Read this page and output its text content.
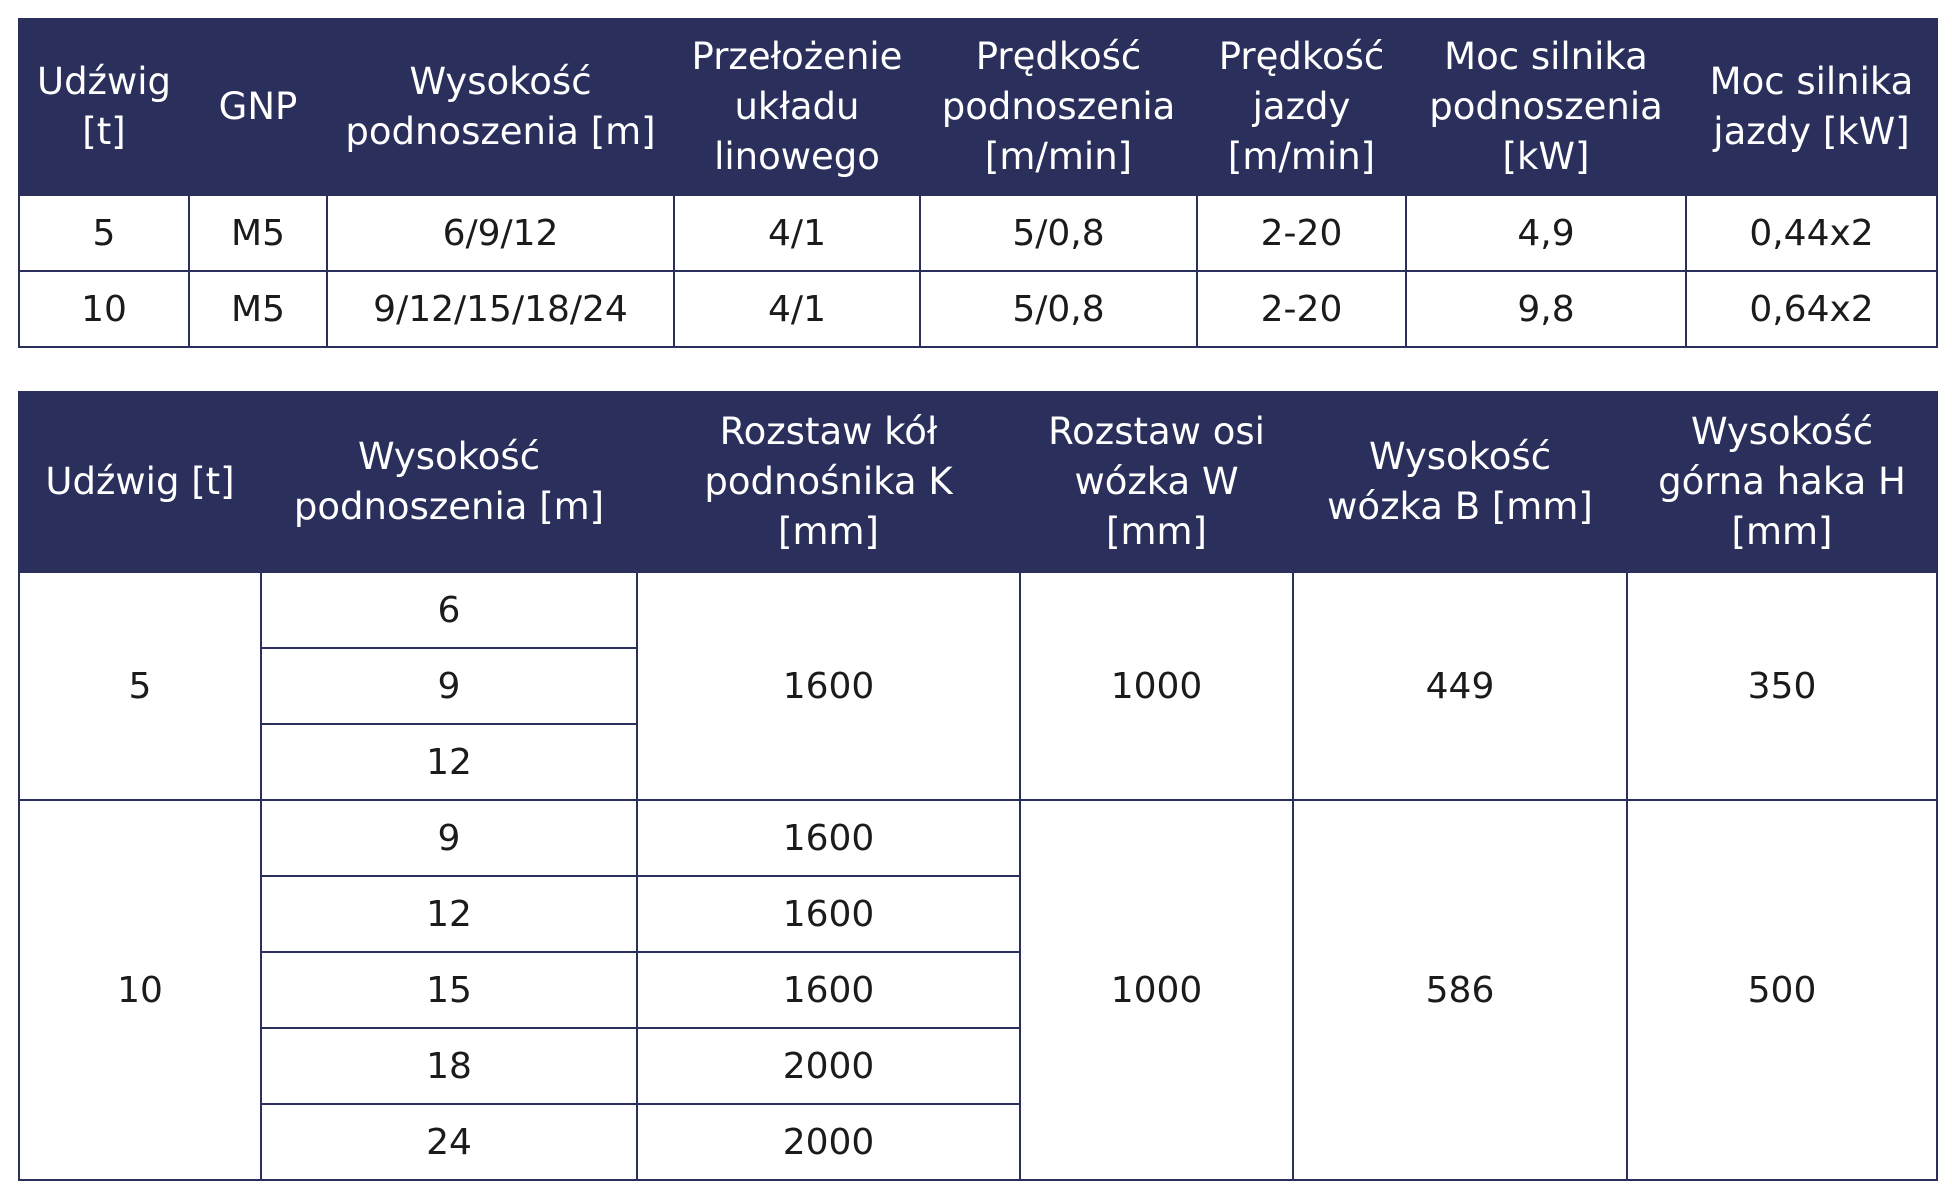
Udźwig
[t]	GNP	Wysokość
podnoszenia [m]	Przełożenie
układu
linowego	Prędkość
podnoszenia
[m/min]	Prędkość
jazdy
[m/min]	Moc silnika
podnoszenia
[kW]	Moc silnika
jazdy [kW]
5	M5	6/9/12	4/1	5/0,8	2-20	4,9	0,44x2
10	M5	9/12/15/18/24	4/1	5/0,8	2-20	9,8	0,64x2
Udźwig [t]	Wysokość
podnoszenia [m]	Rozstaw kół
podnośnika K
[mm]	Rozstaw osi
wózka W
[mm]	Wysokość
wózka B [mm]	Wysokość
górna haka H
[mm]
5	6	1600	1000	449	350
	9				
	12				
10	9	1600	1000	586	500
	12	1600			
	15	1600			
	18	2000			
	24	2000			
